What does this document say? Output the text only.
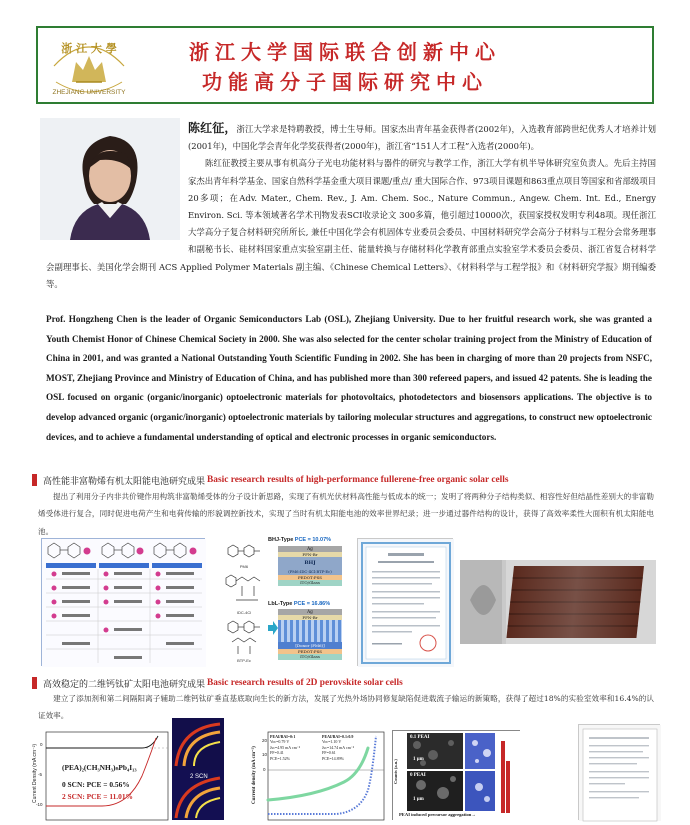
浙 江 大 學
ZHEJIANG UNIVERSITY
浙江大学国际联合创新中心
功能高分子国际研究中心

陈红征，浙江大学求是特聘教授，博士生导师。国家杰出青年基金获得者(2002年)，入选教育部跨世纪优秀人才培养计划(2001年)，中国化学会青年化学奖获得者(2000年)，浙江省“151人才工程”入选者(2000年)。

陈红征教授主要从事有机高分子光电功能材料与器件的研究与教学工作，浙江大学有机半导体研究室负责人。先后主持国家杰出青年科学基金、国家自然科学基金重大项目课题/重点/ 重大国际合作、973项目课题和863重点项目等国家和省部级项目20多项；在Adv. Mater., Chem. Rev., J. Am. Chem. Soc., Nature Commun., Angew. Chem. Int. Ed., Energy Environ. Sci. 等本领域著名学术刊物发表SCI收录论文 300多篇，他引超过10000次，获国家授权发明专利48项。现任浙江大学高分子复合材料研究所所长, 兼任中国化学会有机固体专业委员会委员、中国材料研究学会高分子材料与工程分会常务理事和副秘书长、硅材料国家重点实验室副主任、能量转换与存储材料化学教育部重点实验室学术委员会委员、浙江省复合材料学会副理事长、美国化学会期刊 ACS Applied Polymer Materials 副主编、《Chinese Chemical Letters》、《材料科学与工程学报》和《材料研究学报》期刊编委等。

Prof. Hongzheng Chen is the leader of Organic Semiconductors Lab (OSL), Zhejiang University. Due to her fruitful research work, she was granted a Youth Chemist Honor of Chinese Chemical Society in 2000. She was also selected for the center scholar training project from the Ministry of Education of China in 2001, and was granted a National Outstanding Youth Scientific Funding in 2002. She has been in charging of more than 20 projects from NSFC, MOST, Zhejiang Province and Ministry of Education of China, and has published more than 300 refereed papers, and issued 42 patents. She is leading the OSL focused on organic (organic/inorganic) optoelectronic materials for photovoltaics, photodetectors and biosensors applications. The objective is to develop advanced organic (organic/inorganic) optoelectronic materials by tailoring molecular structures and aggregations, to construct new optoelectronic devices, and to achieve a fundamental understanding of optical and electronic processes in organic semiconductors.
高性能非富勒烯有机太阳能电池研究成果 Basic research results of high-performance fullerene-free organic solar cells
提出了利用分子内非共价键作用构筑非富勒烯受体的分子设计新思路，实现了有机光伏材料高性能与低成本的统一；发明了将两种分子结构类似、相容性好但结晶性差别大的非富勒烯受体进行复合，同时促进电荷产生和电荷传输的形貌调控新技术，实现了当时有机太阳能电池的效率世界纪录；进一步通过器件结构的设计，获得了高效率柔性大面积有机太阳能电池。
PM6
IDC-4Cl
BTP-Ec
BHJ-Type PCE = 10.07%
Ag
PFN-Br
BHJ
(PM6:IDC-4Cl:BTP-Ec)
PEDOT:PSS
ITO/Glass
LbL-Type PCE = 16.86%
Ag
PFN-Br
[Donor (PM6)]
PEDOT:PSS
ITO/Glass
高效稳定的二维钙钛矿太阳电池研究成果 Basic research results of 2D perovskite solar cells
建立了添加剂和第二间隔阳离子辅助二维钙钛矿垂直基底取向生长的新方法，发展了光热外场协同修复缺陷促进载流子输运的新策略，获得了超过18%的实验室效率和16.4%的认证效率。
Current Density (mA cm⁻²) 0
-5
-10
(PEA)₂(CH₃NH₃)ₙPb₄I₁₃
0 SCN: PCE = 0.56%
2 SCN: PCE = 11.01%
2 SCN	Current density (mA cm⁻²)
20
10
0
PEAI/BAI=0:1
Voc=0.79 V
Jsc=4.95 mA cm⁻²
FF=0.41
PCE=1.52%
PEAI/BAI=0.1:0.9
Voc=1.10 V
Jsc=14.74 mA cm⁻²
FF=0.61
PCE=14.89%
Counts (a.u.)
0.1 PEAI
1 μm
0 PEAI
1 μm
PEAI induced precursor aggregation→
